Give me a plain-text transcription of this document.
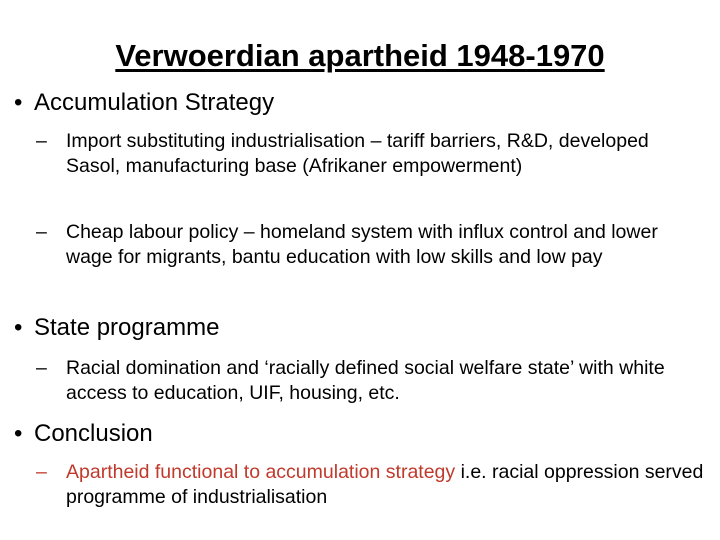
Verwoerdian apartheid 1948-1970
• Accumulation Strategy
– Import substituting industrialisation – tariff barriers, R&D, developed Sasol, manufacturing base (Afrikaner empowerment)
– Cheap labour policy – homeland system with influx control and lower wage for migrants, bantu education with low skills and low pay
• State programme
– Racial domination and ‘racially defined social welfare state’ with white access to education, UIF, housing, etc.
• Conclusion
– Apartheid functional to accumulation strategy i.e. racial oppression served programme of industrialisation
